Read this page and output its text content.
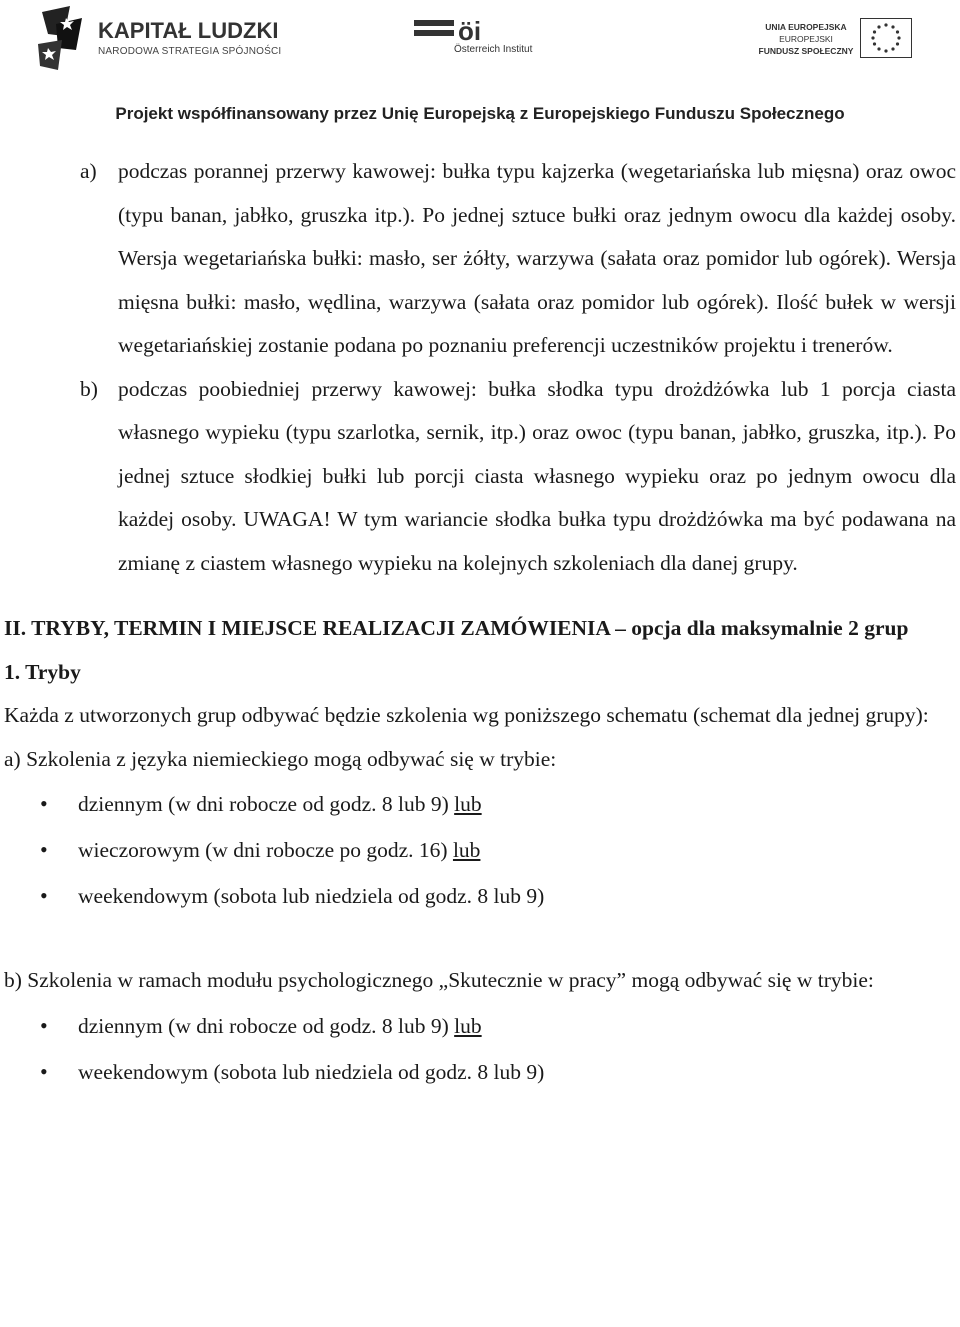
KAPITAŁ LUDZKI
NARODOWA STRATEGIA SPÓJNOŚCI
öi
Österreich Institut
UNIA EUROPEJSKA
EUROPEJSKI
FUNDUSZ SPOŁECZNY
Projekt współfinansowany przez Unię Europejską z Europejskiego Funduszu Społecznego
a) podczas porannej przerwy kawowej: bułka typu kajzerka (wegetariańska lub mięsna) oraz owoc (typu banan, jabłko, gruszka itp.). Po jednej sztuce bułki oraz jednym owocu dla każdej osoby. Wersja wegetariańska bułki: masło, ser żółty, warzywa (sałata oraz pomidor lub ogórek). Wersja mięsna bułki: masło, wędlina, warzywa (sałata oraz pomidor lub ogórek). Ilość bułek w wersji wegetariańskiej zostanie podana po poznaniu preferencji uczestników projektu i trenerów.
b) podczas poobiedniej przerwy kawowej: bułka słodka typu drożdżówka lub 1 porcja ciasta własnego wypieku (typu szarlotka, sernik, itp.) oraz owoc (typu banan, jabłko, gruszka, itp.). Po jednej sztuce słodkiej bułki lub porcji ciasta własnego wypieku oraz po jednym owocu dla każdej osoby. UWAGA! W tym wariancie słodka bułka typu drożdżówka ma być podawana na zmianę z ciastem własnego wypieku na kolejnych szkoleniach dla danej grupy.
II. TRYBY, TERMIN I MIEJSCE REALIZACJI ZAMÓWIENIA – opcja dla maksymalnie 2 grup
1. Tryby
Każda z utworzonych grup odbywać będzie szkolenia wg poniższego schematu (schemat dla jednej grupy):
a) Szkolenia z języka niemieckiego mogą odbywać się w trybie:
• dziennym (w dni robocze od godz. 8 lub 9) lub
• wieczorowym (w dni robocze po godz. 16) lub
• weekendowym (sobota lub niedziela od godz. 8 lub 9)
b) Szkolenia w ramach modułu psychologicznego „Skutecznie w pracy” mogą odbywać się w trybie:
• dziennym (w dni robocze od godz. 8 lub 9) lub
• weekendowym (sobota lub niedziela od godz. 8 lub 9)
